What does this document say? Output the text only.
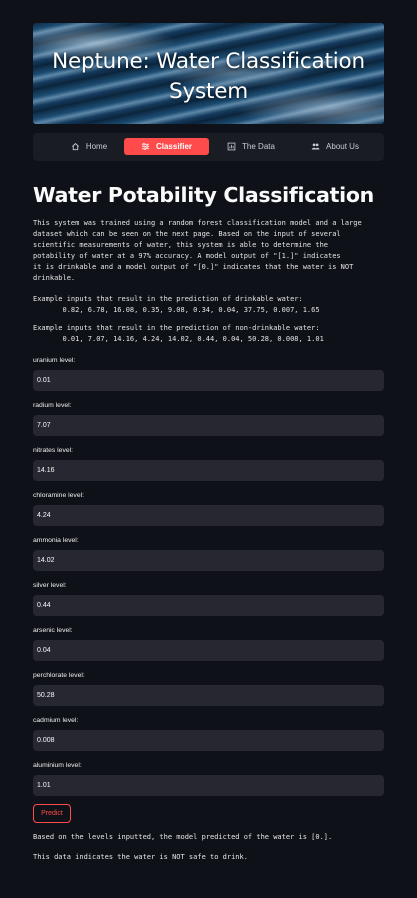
Neptune: Water Classification
System
Home	Classifier	The Data	About Us
Water Potability Classification

This system was trained using a random forest classification model and a large

dataset which can be seen on the next page. Based on the input of several

scientific measurements of water, this system is able to determine the

potability of water at a 97% accuracy. A model output of "[1.]" indicates

it is drinkable and a model output of "[0.]" indicates that the water is NOT

drinkable.

Example inputs that result in the prediction of drinkable water:

0.82, 6.78, 16.08, 0.35, 9.08, 0.34, 0.04, 37.75, 0.007, 1.65

Example inputs that result in the prediction of non-drinkable water:

0.01, 7.07, 14.16, 4.24, 14.02, 0.44, 0.04, 50.28, 0.008, 1.01

uranium level:
0.01
radium level:
7.07
nitrates level:
14.16
chloramine level:
4.24
ammonia level:
14.02
silver level:
0.44
arsenic level:
0.04
perchlorate level:
50.28
cadmium level:
0.008
aluminium level:
1.01
Predict

Based on the levels inputted, the model predicted of the water is [0.].

This data indicates the water is NOT safe to drink.
